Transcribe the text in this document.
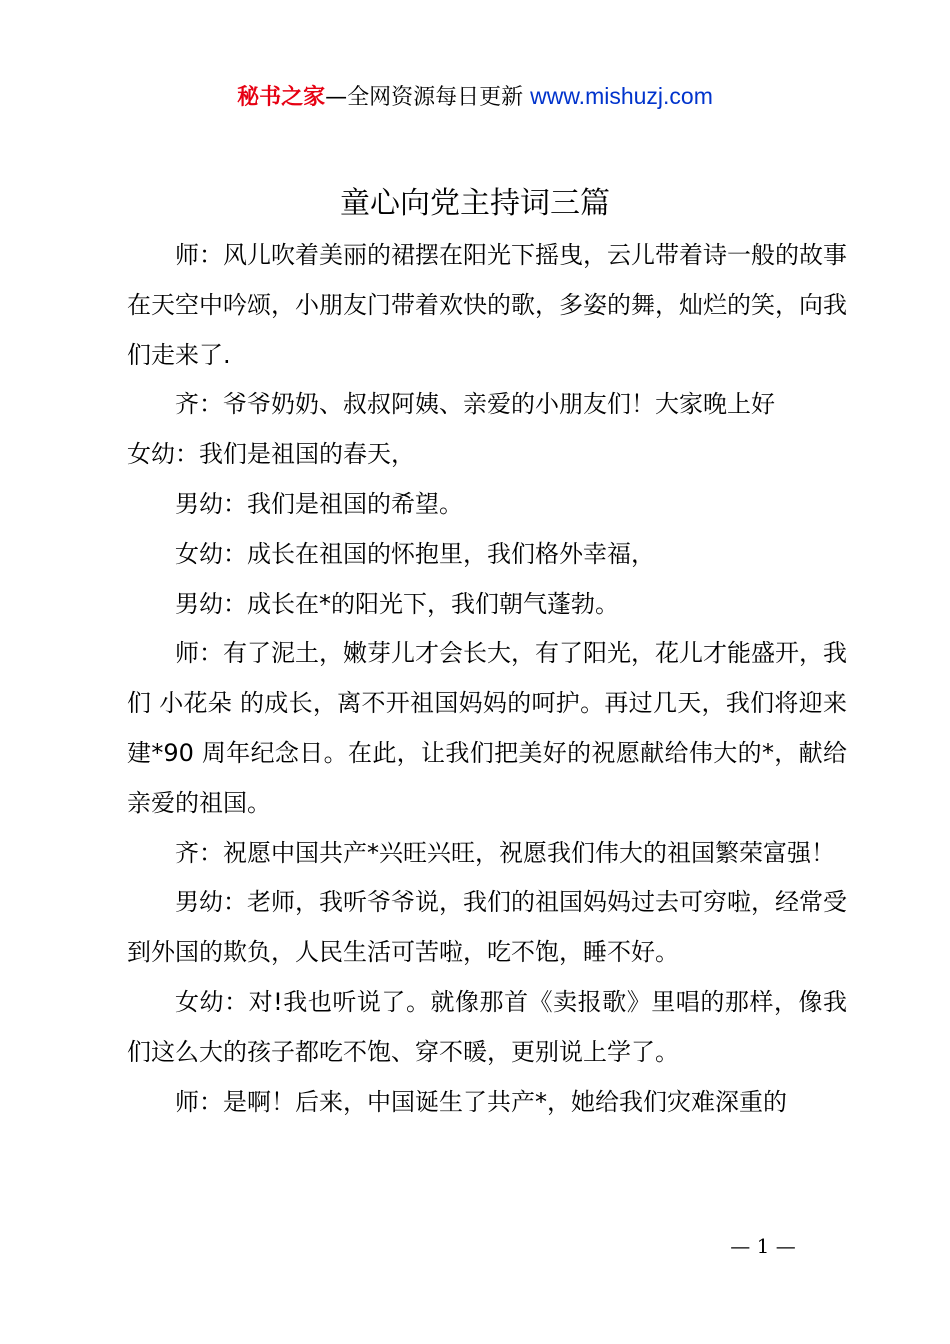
秘书之家—全网资源每日更新 www.mishuzj.com
童心向党主持词三篇

师：风儿吹着美丽的裙摆在阳光下摇曳，云儿带着诗一般的故事在天空中吟颂，小朋友门带着欢快的歌，多姿的舞，灿烂的笑，向我们走来了.

齐：爷爷奶奶、叔叔阿姨、亲爱的小朋友们！大家晚上好

女幼：我们是祖国的春天，

男幼：我们是祖国的希望。

女幼：成长在祖国的怀抱里，我们格外幸福，

男幼：成长在*的阳光下，我们朝气蓬勃。

师：有了泥土，嫩芽儿才会长大，有了阳光，花儿才能盛开，我们 小花朵 的成长，离不开祖国妈妈的呵护。再过几天，我们将迎来建*90 周年纪念日。在此，让我们把美好的祝愿献给伟大的*，献给亲爱的祖国。

齐：祝愿中国共产*兴旺兴旺，祝愿我们伟大的祖国繁荣富强！

男幼：老师，我听爷爷说，我们的祖国妈妈过去可穷啦，经常受到外国的欺负，人民生活可苦啦，吃不饱，睡不好。

女幼：对!我也听说了。就像那首《卖报歌》里唱的那样，像我们这么大的孩子都吃不饱、穿不暖，更别说上学了。

师：是啊！后来，中国诞生了共产*，她给我们灾难深重的

— 1 —
